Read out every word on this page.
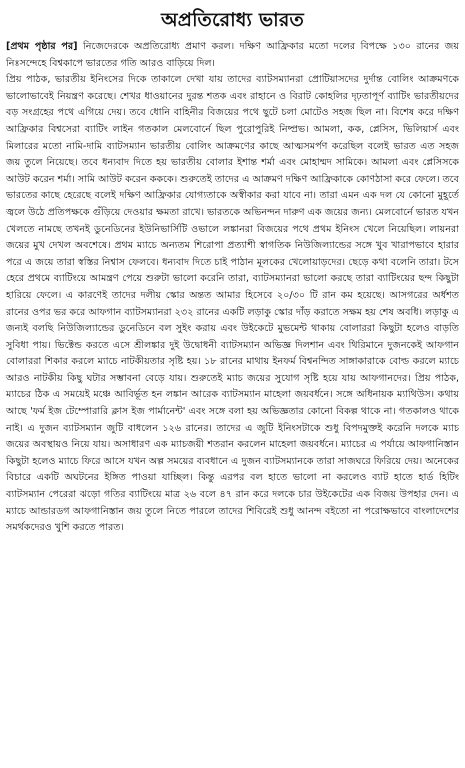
অপ্রতিরোধ্য ভারত

[প্রথম পৃষ্ঠার পর] নিজেদেরকে অপ্রতিরোধ্য প্রমাণ করল। দক্ষিণ আফ্রিকার মতো দলের বিপক্ষে ১৩০ রানের জয় নিঃসন্দেহে বিশ্বকাপে ভারতের গতি আরও বাড়িয়ে দিল।

প্রিয় পাঠক, ভারতীয় ইনিংসের দিকে তাকালে দেখা যায় তাদের ব্যাটসম্যানরা প্রোটিয়াসদের দুর্দান্ত বোলিং আক্রমণকে ভালোভাবেই নিয়ন্ত্রণ করেছে। শেখর ধাওয়ানের দুরন্ত শতক এবং রাহানে ও বিরাট কোহলির দৃঢ়তাপূর্ণ ব্যাটিং ভারতীয়দের বড় সংগ্রহের পথে এগিয়ে দেয়। তবে ধোনি বাহিনীর বিজয়ের পথে ছুটে চলা মোটেও সহজ ছিল না। বিশেষ করে দক্ষিণ আফ্রিকার বিশ্বসেরা ব্যাটিং লাইন গতকাল মেলবোর্নে ছিল পুরোপুরিই নিষ্প্রভ। আমলা, কক, প্লেসিস, ভিলিয়ার্স এবং মিলারের মতো নামি-দামি ব্যাটসম্যান ভারতীয় বোলিং আক্রমণের কাছে আত্মসমর্পণ করেছিল বলেই ভারত এত সহজ জয় তুলে নিয়েছে। তবে ধন্যবাদ দিতে হয় ভারতীয় বোলার ইশান্ত শর্মা এবং মোহাম্মদ সামিকে। আমলা এবং প্লেসিসকে আউট করেন শর্মা। সামি আউট করেন কককে। শুরুতেই তাদের এ আক্রমণ দক্ষিণ আফ্রিকাকে কোণঠাসা করে ফেলে। তবে ভারতের কাছে হেরেছে বলেই দক্ষিণ আফ্রিকার যোগ্যতাকে অস্বীকার করা যাবে না। তারা এমন এক দল যে কোনো মুহূর্তে জ্বলে উঠে প্রতিপক্ষকে গুঁড়িয়ে দেওয়ার ক্ষমতা রাখে। ভারতকে অভিনন্দন দারুণ এক জয়ের জন্য। মেলবোর্নে ভারত যখন খেলতে নামছে তখনই ডুনেডিনের ইউনিভার্সিটি ওভালে লঙ্কানরা বিজয়ের পথে প্রথম ইনিংস খেলে নিয়েছিল। লায়নরা জয়ের মুখ দেখল অবশেষে। প্রথম ম্যাচে অন্যতম শিরোপা প্রত্যাশী স্বাগতিক নিউজিল্যান্ডের সঙ্গে খুব খারাপভাবে হারার পরে এ জয়ে তারা স্বস্তির নিশ্বাস ফেলবে। ধন্যবাদ দিতে চাই পাঠান মূলকের খেলোয়াড়দের। ছেড়ে কথা বলেনি তারা। টসে হেরে প্রথমে ব্যাটিংয়ে আমন্ত্রণ পেয়ে শুরুটা ভালো করেনি তারা, ব্যাটসম্যানরা ভালো করছে তারা ব্যাটিংয়ের ছন্দ কিছুটা হারিয়ে ফেলে। এ কারণেই তাদের দলীয় স্কোর অন্তত আমার হিসেবে ২০/৩০ টি রান কম হয়েছে। আসগরের অর্ধশত রানের ওপর ভর করে আফগান ব্যাটসম্যানরা ২৩২ রানের একটি লড়াকু স্কোর দাঁড় করাতে সক্ষম হয় শেষ অবধি। লড়াকু এ জন্যই বলছি নিউজিল্যান্ডের ডুনেডিনে বল সুইং করায় এবং উইকেটে মুভমেন্ট থাকায় বোলাররা কিছুটা হলেও বাড়তি সুবিধা পায়। ভিক্টেন্ড করতে এসে শ্রীলঙ্কার দুই উদ্বোধনী ব্যাটসম্যান অভিজ্ঞ দিলশান এবং থিরিমানে দুজনকেই আফগান বোলাররা শিকার করলে ম্যাচে নাটকীয়তার সৃষ্টি হয়। ১৮ রানের মাথায় ইনফর্ম বিশ্বনন্দিত সাঙ্গাকারাকে বোল্ড করলে ম্যাচে আরও নাটকীয় কিছু ঘটার সম্ভাবনা বেড়ে যায়। শুরুতেই ম্যাচ জয়ের সুযোগ সৃষ্টি হয়ে যায় আফগানদের। প্রিয় পাঠক, ম্যাচের ঠিক এ সময়েই মঞ্চে আবির্ভূত হন লঙ্কান আরেক ব্যাটসম্যান মাহেলা জয়বর্ধনে। সঙ্গে অধিনায়ক ম্যাথিউস। কথায় আছে 'ফর্ম ইজ টেম্পোরারি ক্লাস ইজ পার্মানেন্ট' এবং সঙ্গে বলা হয় অভিজ্ঞতার কোনো বিকল্প থাকে না। গতকালও থাকে নাই। এ দুজন ব্যাটসম্যান জুটি বাধলেন ১২৬ রানের। তাদের এ জুটি ইনিংসটাকে শুধু বিপদমুক্তই করেনি দলকে ম্যাচ জয়ের অবস্থায়ও নিয়ে যায়। অসাধারণ এক ম্যাচজয়ী শতরান করলেন মাহেলা জয়বর্ধনে। ম্যাচের এ পর্যায়ে আফগানিস্তান কিছুটা হলেও ম্যাচে ফিরে আসে যখন অল্প সময়ের ব্যবধানে এ দুজন ব্যাটসম্যানকে তারা সাজঘরে ফিরিয়ে দেয়। অনেকের বিচারে একটি অঘটনের ইঙ্গিত পাওয়া যাচ্ছিল। কিন্তু এরপর বল হাতে ভালো না করলেও ব্যাট হাতে হার্ড হিটিং ব্যাটসম্যান পেরেরা ঝড়ো গতির ব্যাটিংয়ে মাত্র ২৬ বলে ৪৭ রান করে দলকে চার উইকেটের এক বিজয় উপহার দেন। এ ম্যাচে আন্ডারডগ আফগানিস্তান জয় তুলে নিতে পারলে তাদের শিবিরেই শুধু আনন্দ বইতো না পরোক্ষভাবে বাংলাদেশের সমর্থকদেরও খুশি করতে পারত।
